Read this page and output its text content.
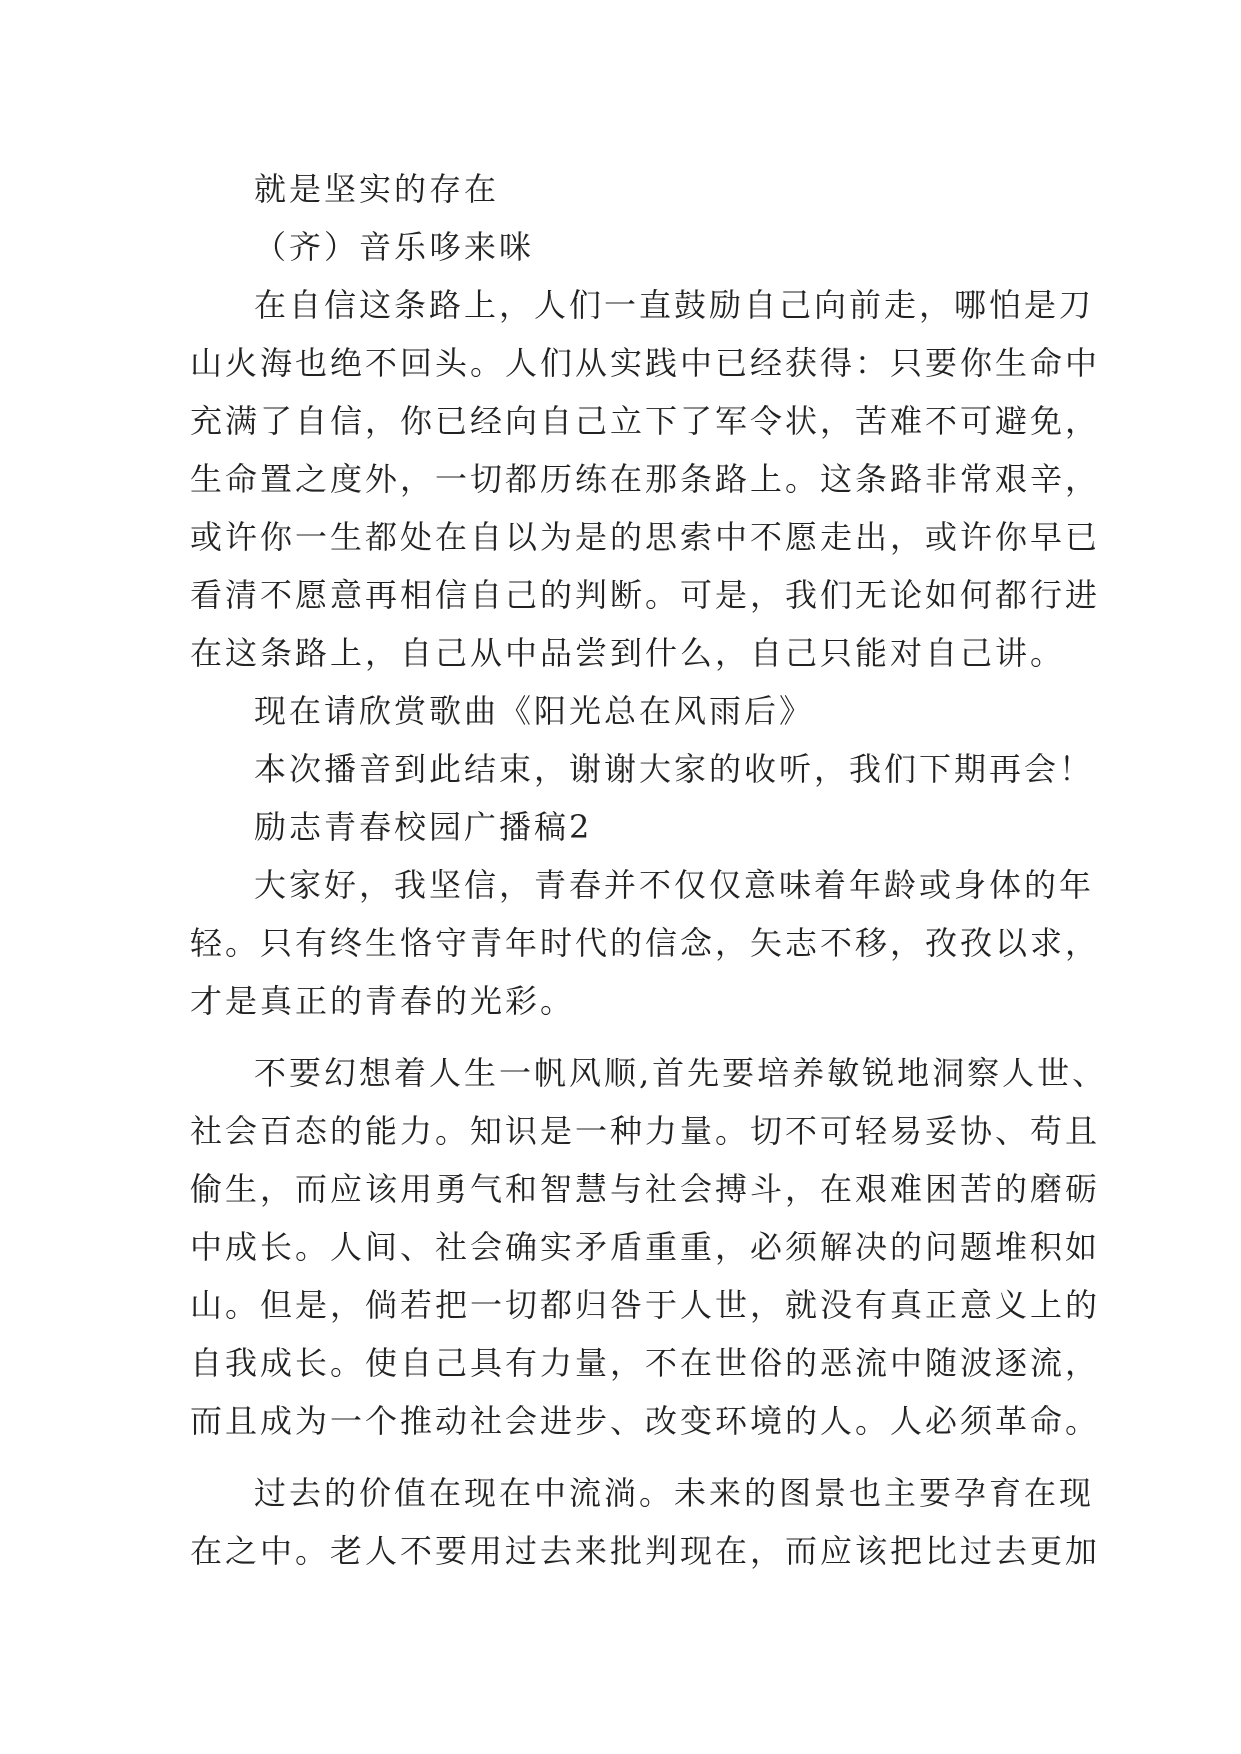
就是坚实的存在
（齐）音乐哆来咪
在自信这条路上，人们一直鼓励自己向前走，哪怕是刀
山火海也绝不回头。人们从实践中已经获得：只要你生命中
充满了自信，你已经向自己立下了军令状，苦难不可避免，
生命置之度外，一切都历练在那条路上。这条路非常艰辛，
或许你一生都处在自以为是的思索中不愿走出，或许你早已
看清不愿意再相信自己的判断。可是，我们无论如何都行进
在这条路上，自己从中品尝到什么，自己只能对自己讲。
现在请欣赏歌曲《阳光总在风雨后》
本次播音到此结束，谢谢大家的收听，我们下期再会！
励志青春校园广播稿2
大家好，我坚信，青春并不仅仅意味着年龄或身体的年
轻。只有终生恪守青年时代的信念，矢志不移，孜孜以求，
才是真正的青春的光彩。
不要幻想着人生一帆风顺,首先要培养敏锐地洞察人世、
社会百态的能力。知识是一种力量。切不可轻易妥协、苟且
偷生，而应该用勇气和智慧与社会搏斗，在艰难困苦的磨砺
中成长。人间、社会确实矛盾重重，必须解决的问题堆积如
山。但是，倘若把一切都归咎于人世，就没有真正意义上的
自我成长。使自己具有力量，不在世俗的恶流中随波逐流，
而且成为一个推动社会进步、改变环境的人。人必须革命。
过去的价值在现在中流淌。未来的图景也主要孕育在现
在之中。老人不要用过去来批判现在，而应该把比过去更加
